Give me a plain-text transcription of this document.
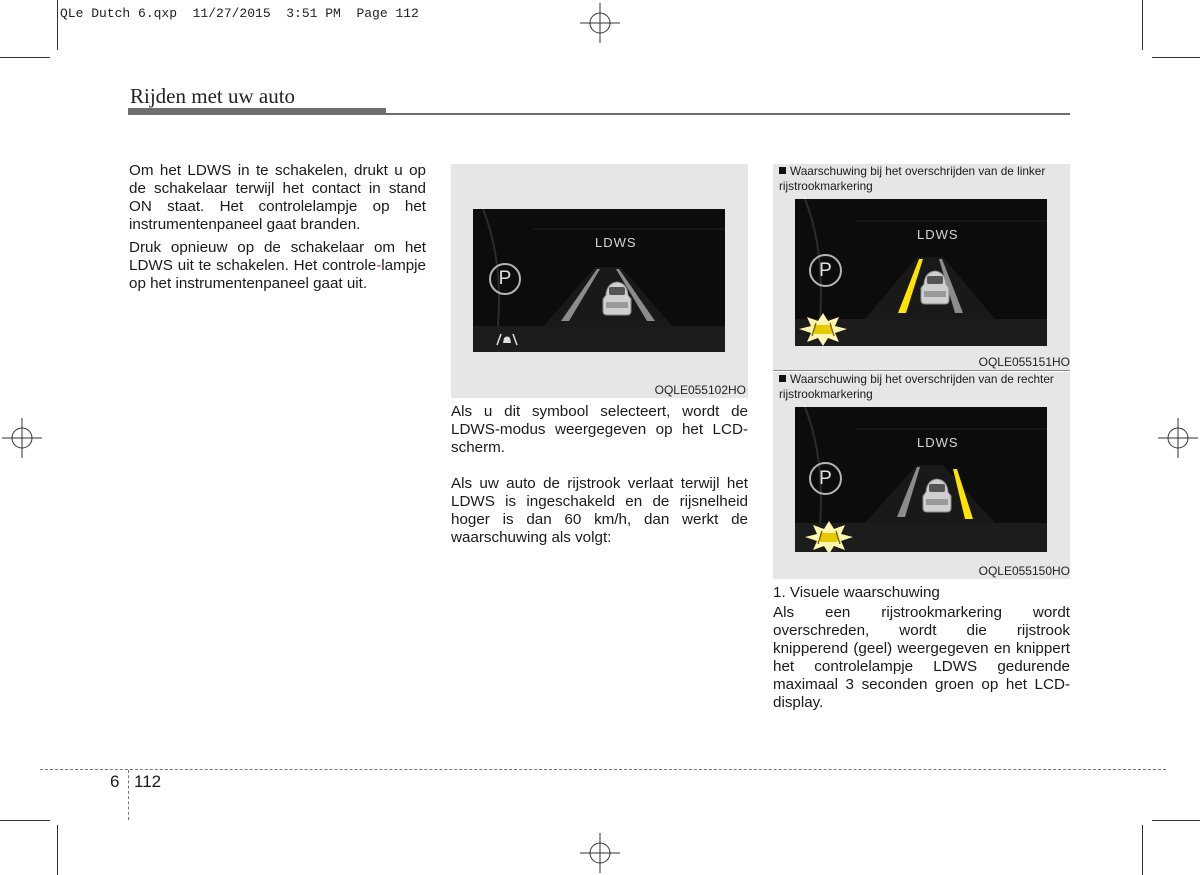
QLe Dutch 6.qxp  11/27/2015  3:51 PM  Page 112
Rijden met uw auto

Om het LDWS in te schakelen, drukt u op de schakelaar terwijl het contact in stand ON staat. Het controlelampje op het instrumentenpaneel gaat branden.

Druk opnieuw op de schakelaar om het LDWS uit te schakelen. Het controle-lampje op het instrumentenpaneel gaat uit.

LDWS
P
OQLE055102HO

Als u dit symbool selecteert, wordt de LDWS-modus weergegeven op het LCD-scherm.

Als uw auto de rijstrook verlaat terwijl het LDWS is ingeschakeld en de rijsnelheid hoger is dan 60 km/h, dan werkt de waarschuwing als volgt:

Waarschuwing bij het overschrijden van de linker rijstrookmarkering
LDWS
P
OQLE055151HO
Waarschuwing bij het overschrijden van de rechter rijstrookmarkering
LDWS
P
OQLE055150HO

1. Visuele waarschuwing

Als een rijstrookmarkering wordt overschreden, wordt die rijstrook knipperend (geel) weergegeven en knippert het controlelampje LDWS gedurende maximaal 3 seconden groen op het LCD-display.

6 112
